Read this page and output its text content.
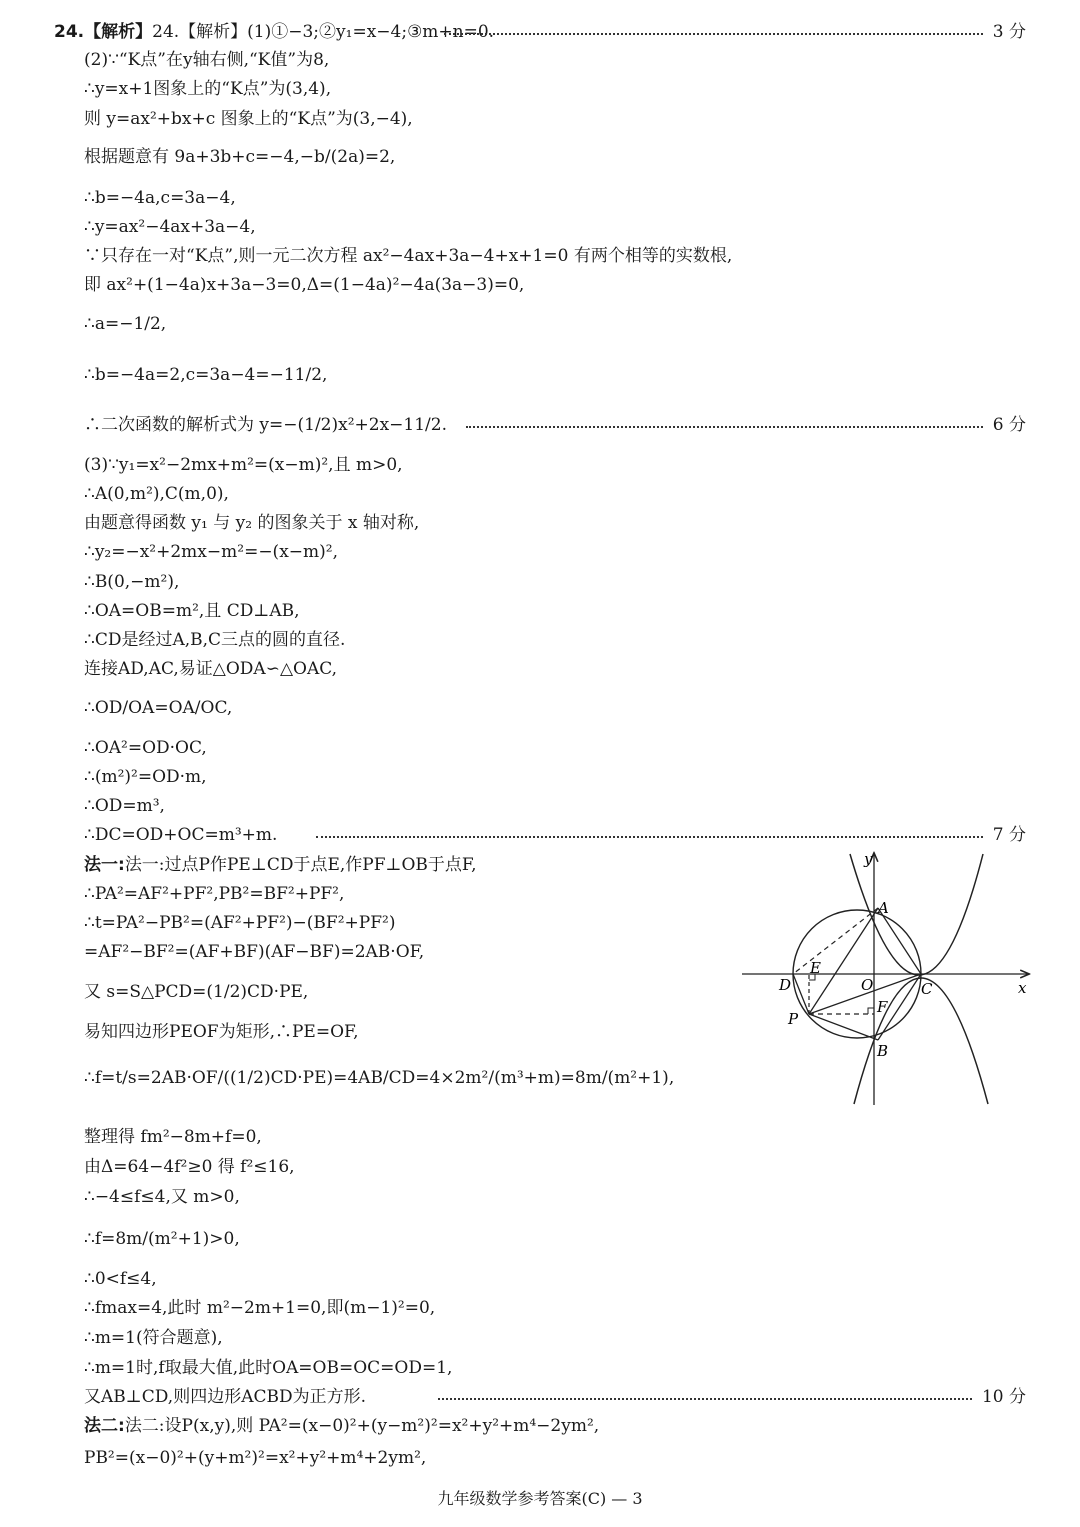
24.【解析】24.【解析】(1)①−3;②y₁=x−4;③m+n=0.
(2)∵“K点”在y轴右侧,“K值”为8,
∴y=x+1图象上的“K点”为(3,4),
则 y=ax²+bx+c 图象上的“K点”为(3,−4),
根据题意有 9a+3b+c=−4,−b/(2a)=2,
∴b=−4a,c=3a−4,
∴y=ax²−4ax+3a−4,
∵只存在一对“K点”,则一元二次方程 ax²−4ax+3a−4+x+1=0 有两个相等的实数根,
即 ax²+(1−4a)x+3a−3=0,Δ=(1−4a)²−4a(3a−3)=0,
∴a=−1/2,
∴b=−4a=2,c=3a−4=−11/2,
∴二次函数的解析式为 y=−(1/2)x²+2x−11/2.
(3)∵y₁=x²−2mx+m²=(x−m)²,且 m>0,
∴A(0,m²),C(m,0),
由题意得函数 y₁ 与 y₂ 的图象关于 x 轴对称,
∴y₂=−x²+2mx−m²=−(x−m)²,
∴B(0,−m²),
∴OA=OB=m²,且 CD⊥AB,
∴CD是经过A,B,C三点的圆的直径.
连接AD,AC,易证△ODA∽△OAC,
∴OD/OA=OA/OC,
∴OA²=OD·OC,
∴(m²)²=OD·m,
∴OD=m³,
∴DC=OD+OC=m³+m.
法一:法一:过点P作PE⊥CD于点E,作PF⊥OB于点F,
∴PA²=AF²+PF²,PB²=BF²+PF²,
∴t=PA²−PB²=(AF²+PF²)−(BF²+PF²)
=AF²−BF²=(AF+BF)(AF−BF)=2AB·OF,
又 s=S△PCD=(1/2)CD·PE,
易知四边形PEOF为矩形,∴PE=OF,
∴f=t/s=2AB·OF/((1/2)CD·PE)=4AB/CD=4×2m²/(m³+m)=8m/(m²+1),
整理得 fm²−8m+f=0,
由Δ=64−4f²≥0 得 f²≤16,
∴−4≤f≤4,又 m>0,
∴f=8m/(m²+1)>0,
∴0<f≤4,
∴fmax=4,此时 m²−2m+1=0,即(m−1)²=0,
∴m=1(符合题意),
∴m=1时,f取最大值,此时OA=OB=OC=OD=1,
又AB⊥CD,则四边形ACBD为正方形.
法二:法二:设P(x,y),则 PA²=(x−0)²+(y−m²)²=x²+y²+m⁴−2ym²,
PB²=(x−0)²+(y+m²)²=x²+y²+m⁴+2ym²,
3 分
6 分
7 分
10 分
y
x
A
B
C
D
E
F
O
P
九年级数学参考答案(C) — 3
